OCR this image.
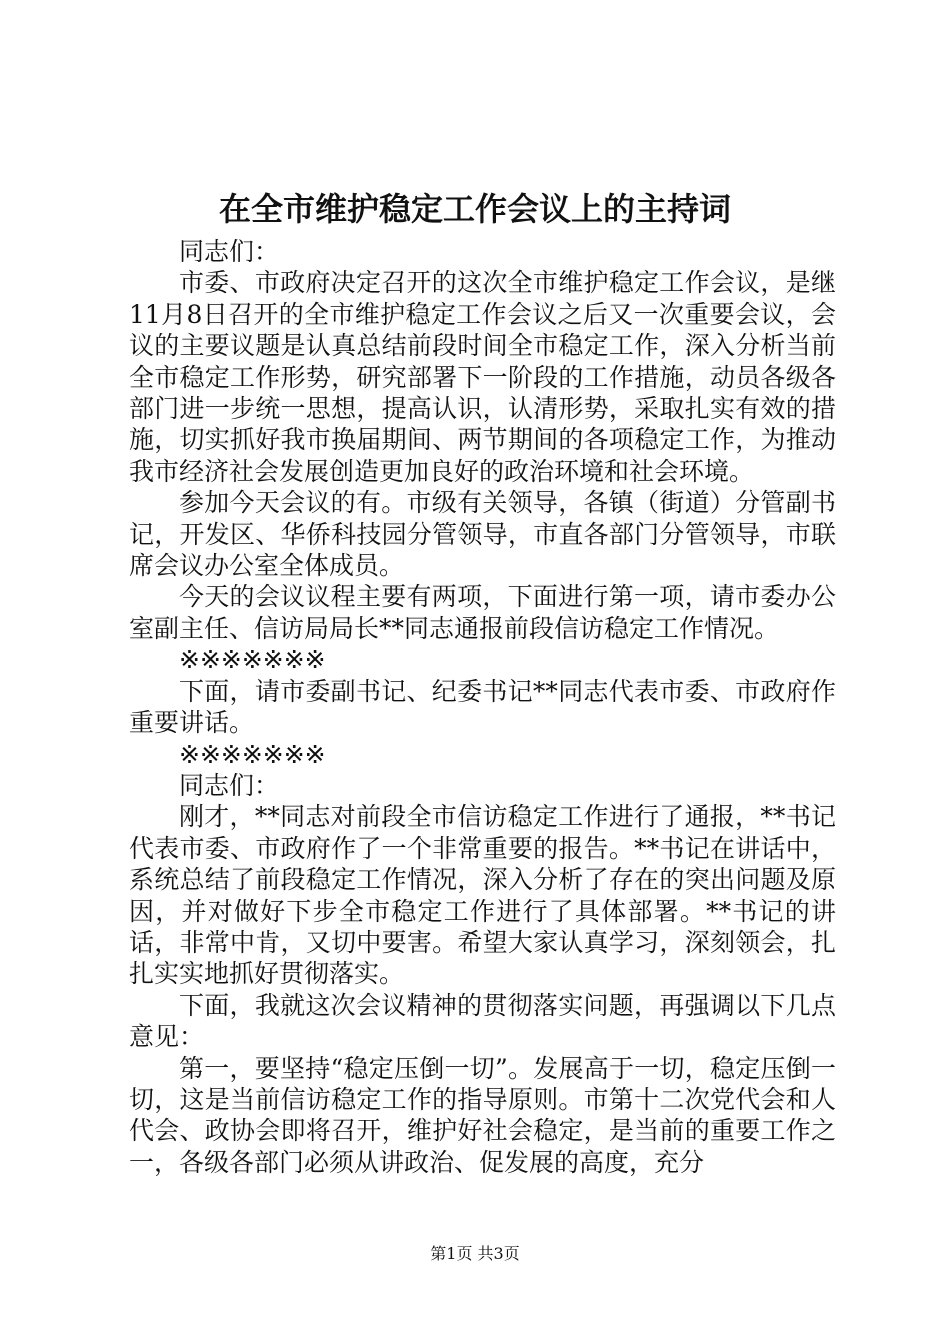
在全市维护稳定工作会议上的主持词

同志们：

市委、市政府决定召开的这次全市维护稳定工作会议，是继11月8日召开的全市维护稳定工作会议之后又一次重要会议，会议的主要议题是认真总结前段时间全市稳定工作，深入分析当前全市稳定工作形势，研究部署下一阶段的工作措施，动员各级各部门进一步统一思想，提高认识，认清形势，采取扎实有效的措施，切实抓好我市换届期间、两节期间的各项稳定工作，为推动我市经济社会发展创造更加良好的政治环境和社会环境。

参加今天会议的有。市级有关领导，各镇（街道）分管副书记，开发区、华侨科技园分管领导，市直各部门分管领导，市联席会议办公室全体成员。

今天的会议议程主要有两项，下面进行第一项，请市委办公室副主任、信访局局长**同志通报前段信访稳定工作情况。

※※※※※※※

下面，请市委副书记、纪委书记**同志代表市委、市政府作重要讲话。

※※※※※※※

同志们：

刚才，**同志对前段全市信访稳定工作进行了通报，**书记代表市委、市政府作了一个非常重要的报告。**书记在讲话中，系统总结了前段稳定工作情况，深入分析了存在的突出问题及原因，并对做好下步全市稳定工作进行了具体部署。**书记的讲话，非常中肯，又切中要害。希望大家认真学习，深刻领会，扎扎实实地抓好贯彻落实。

下面，我就这次会议精神的贯彻落实问题，再强调以下几点意见：

第一，要坚持“稳定压倒一切”。发展高于一切，稳定压倒一切，这是当前信访稳定工作的指导原则。市第十二次党代会和人代会、政协会即将召开，维护好社会稳定，是当前的重要工作之一，各级各部门必须从讲政治、促发展的高度，充分

第1页 共3页
